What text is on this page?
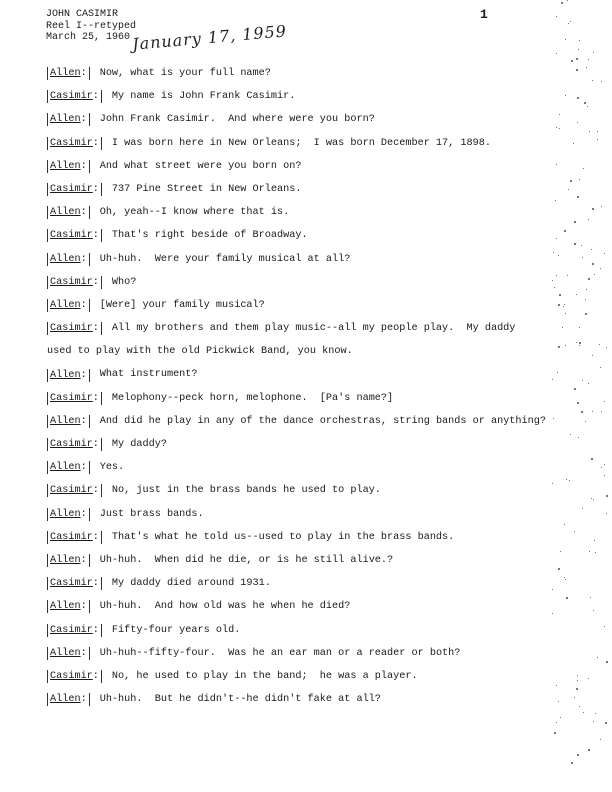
JOHN CASIMIR
Reel I--retyped
March 25, 1960 January 17, 1959
1
Allen: Now, what is your full name?
Casimir: My name is John Frank Casimir.
Allen: John Frank Casimir.  And where were you born?
Casimir: I was born here in New Orleans;  I was born December 17, 1898.
Allen: And what street were you born on?
Casimir: 737 Pine Street in New Orleans.
Allen: Oh, yeah--I know where that is.
Casimir: That's right beside of Broadway.
Allen: Uh-huh.  Were your family musical at all?
Casimir: Who?
Allen: [Were] your family musical?
Casimir: All my brothers and them play music--all my people play.  My daddy
used to play with the old Pickwick Band, you know.
Allen: What instrument?
Casimir: Melophony--peck horn, melophone.  [Pa's name?]
Allen: And did he play in any of the dance orchestras, string bands or anything?
Casimir: My daddy?
Allen: Yes.
Casimir: No, just in the brass bands he used to play.
Allen: Just brass bands.
Casimir: That's what he told us--used to play in the brass bands.
Allen: Uh-huh.  When did he die, or is he still alive.?
Casimir: My daddy died around 1931.
Allen: Uh-huh.  And how old was he when he died?
Casimir: Fifty-four years old.
Allen: Uh-huh--fifty-four.  Was he an ear man or a reader or both?
Casimir: No, he used to play in the band;  he was a player.
Allen: Uh-huh.  But he didn't--he didn't fake at all?
